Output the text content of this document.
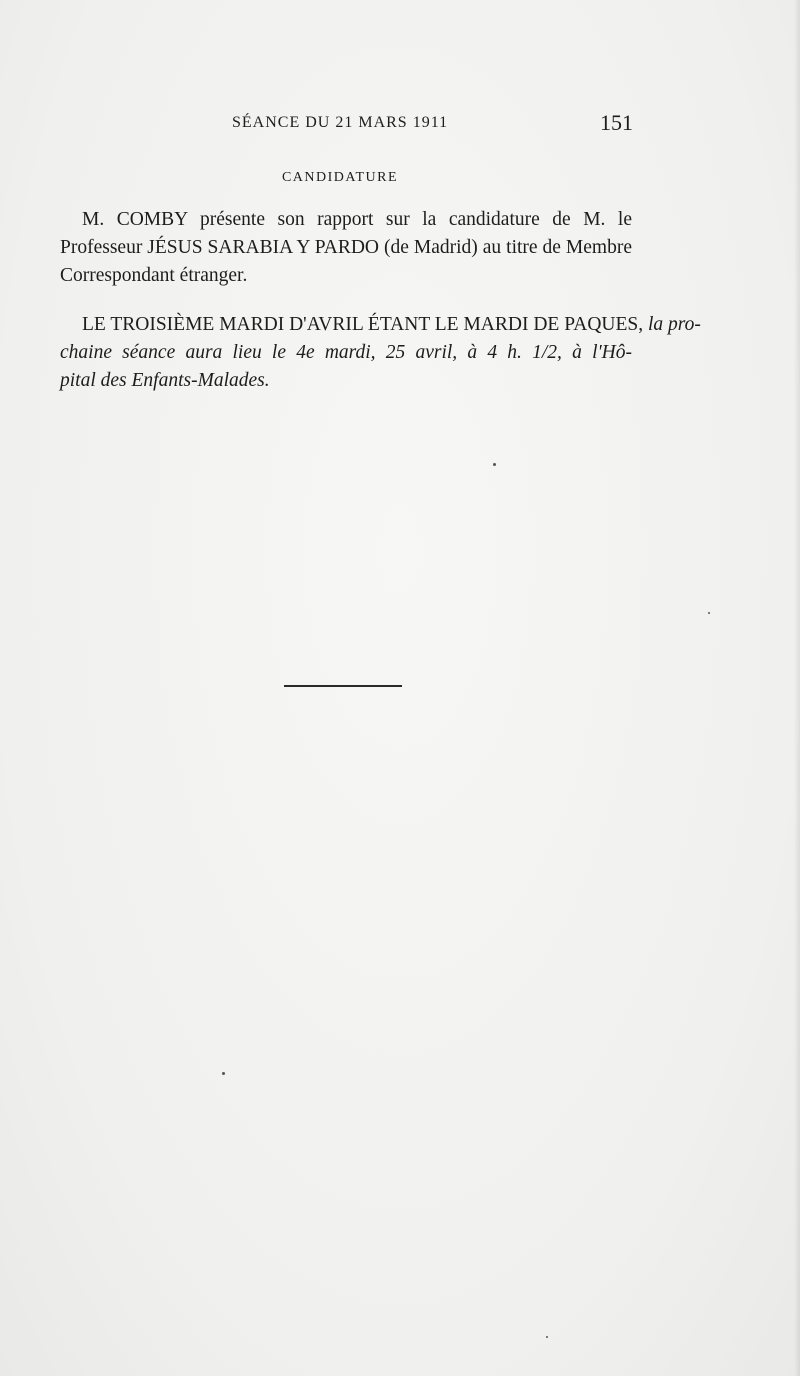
SÉANCE DU 21 MARS 1911	151
CANDIDATURE
M. COMBY présente son rapport sur la candidature de M. le
Professeur JÉSUS SARABIA Y PARDO (de Madrid) au titre de Membre
Correspondant étranger.
LE TROISIÈME MARDI D'AVRIL ÉTANT LE MARDI DE PAQUES, la pro-
chaine séance aura lieu le 4e mardi, 25 avril, à 4 h. 1/2, à l'Hô-
pital des Enfants-Malades.
